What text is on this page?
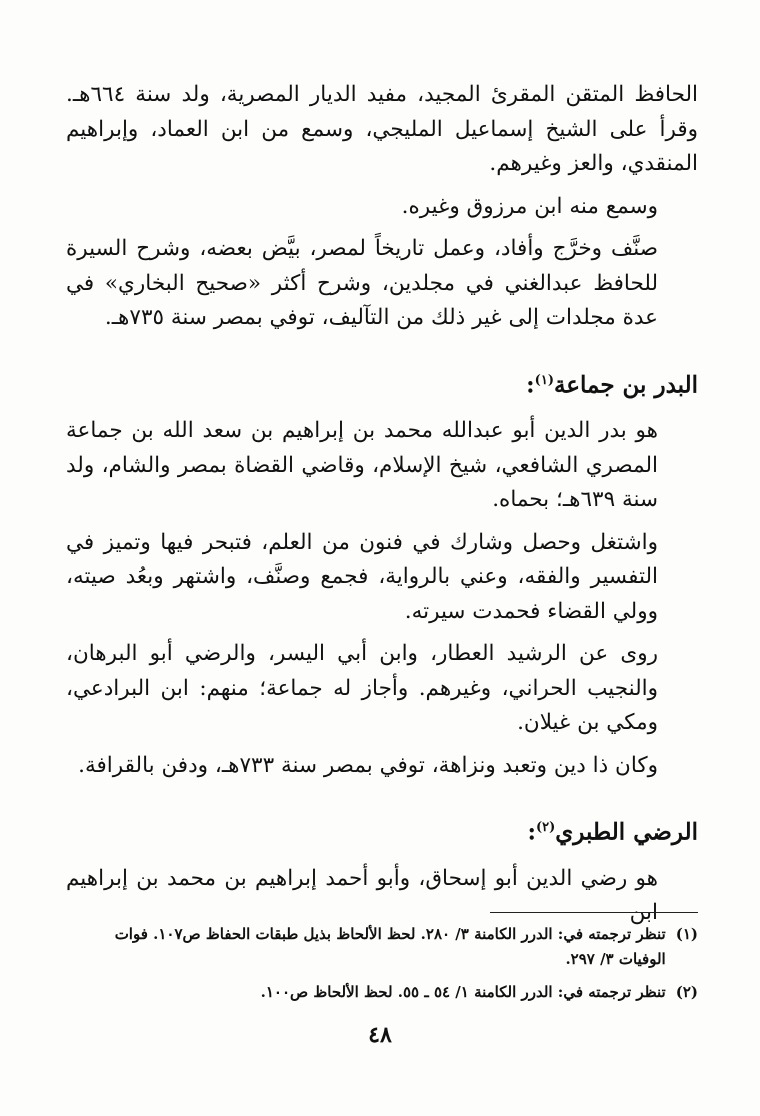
الحافظ المتقن المقرئ المجيد، مفيد الديار المصرية، ولد سنة ٦٦٤هـ. وقرأ على الشيخ إسماعيل المليجي، وسمع من ابن العماد، وإبراهيم المنقدي، والعز وغيرهم.

وسمع منه ابن مرزوق وغيره.

صنَّف وخرَّج وأفاد، وعمل تاريخاً لمصر، بيَّض بعضه، وشرح السيرة للحافظ عبدالغني في مجلدين، وشرح أكثر «صحيح البخاري» في عدة مجلدات إلى غير ذلك من التآليف، توفي بمصر سنة ٧٣٥هـ.

البدر بن جماعة$^{(١)}$:

هو بدر الدين أبو عبدالله محمد بن إبراهيم بن سعد الله بن جماعة المصري الشافعي، شيخ الإسلام، وقاضي القضاة بمصر والشام، ولد سنة ٦٣٩هـ؛ بحماه.

واشتغل وحصل وشارك في فنون من العلم، فتبحر فيها وتميز في التفسير والفقه، وعني بالرواية، فجمع وصنَّف، واشتهر وبعُد صيته، وولي القضاء فحمدت سيرته.

روى عن الرشيد العطار، وابن أبي اليسر، والرضي أبو البرهان، والنجيب الحراني، وغيرهم. وأجاز له جماعة؛ منهم: ابن البرادعي، ومكي بن غيلان.

وكان ذا دين وتعبد ونزاهة، توفي بمصر سنة ٧٣٣هـ، ودفن بالقرافة.

الرضي الطبري$^{(٢)}$:

هو رضي الدين أبو إسحاق، وأبو أحمد إبراهيم بن محمد بن إبراهيم ابن

(١)
تنظر ترجمته في: الدرر الكامنة ٣/ ٢٨٠. لحظ الألحاظ بذيل طبقات الحفاظ ص١٠٧. فوات الوفيات ٣/ ٢٩٧.
(٢)
تنظر ترجمته في: الدرر الكامنة ١/ ٥٤ ـ ٥٥. لحظ الألحاظ ص١٠٠.
٤٨
